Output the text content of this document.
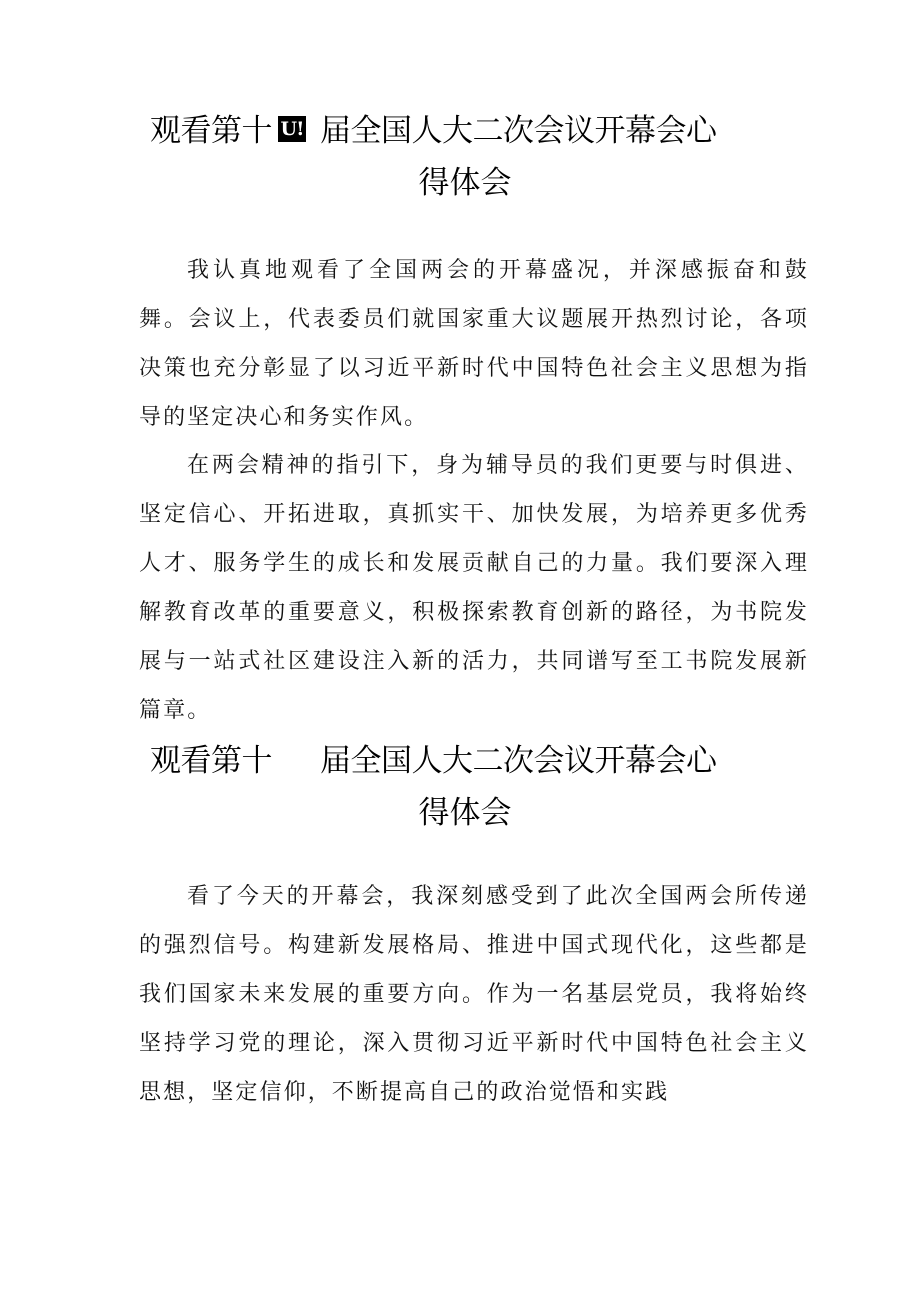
观看第十 U! 届全国人大二次会议开幕会心
得体会

我认真地观看了全国两会的开幕盛况，并深感振奋和鼓舞。会议上，代表委员们就国家重大议题展开热烈讨论，各项决策也充分彰显了以习近平新时代中国特色社会主义思想为指导的坚定决心和务实作风。

在两会精神的指引下，身为辅导员的我们更要与时俱进、坚定信心、开拓进取，真抓实干、加快发展，为培养更多优秀人才、服务学生的成长和发展贡献自己的力量。我们要深入理解教育改革的重要意义，积极探索教育创新的路径，为书院发展与一站式社区建设注入新的活力，共同谱写至工书院发展新篇章。

观看第十 届全国人大二次会议开幕会心
得体会

看了今天的开幕会，我深刻感受到了此次全国两会所传递的强烈信号。构建新发展格局、推进中国式现代化，这些都是我们国家未来发展的重要方向。作为一名基层党员，我将始终坚持学习党的理论，深入贯彻习近平新时代中国特色社会主义思想，坚定信仰，不断提高自己的政治觉悟和实践
